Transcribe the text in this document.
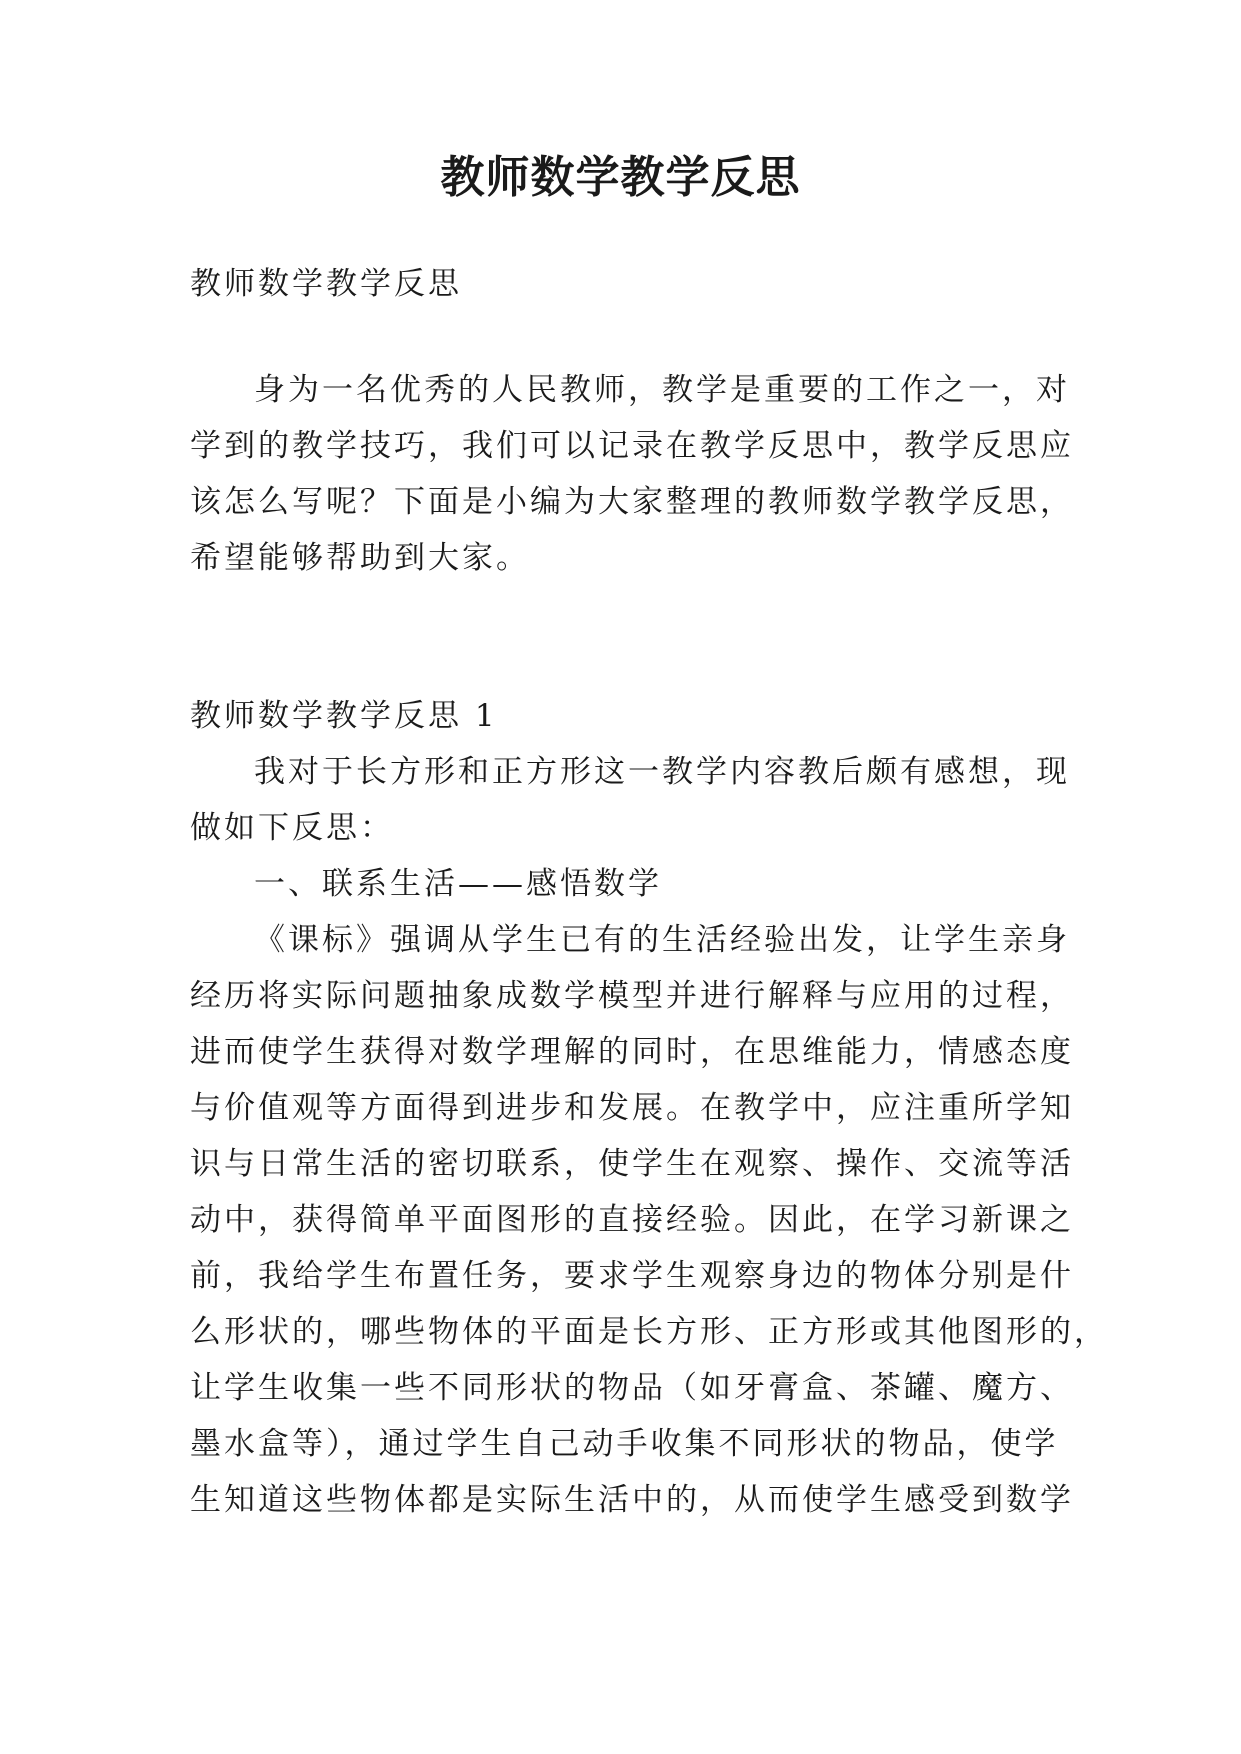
教师数学教学反思

教师数学教学反思

身为一名优秀的人民教师，教学是重要的工作之一，对

学到的教学技巧，我们可以记录在教学反思中，教学反思应

该怎么写呢？下面是小编为大家整理的教师数学教学反思，

希望能够帮助到大家。

教师数学教学反思 1

我对于长方形和正方形这一教学内容教后颇有感想，现

做如下反思：

一、联系生活——感悟数学

《课标》强调从学生已有的生活经验出发，让学生亲身

经历将实际问题抽象成数学模型并进行解释与应用的过程，

进而使学生获得对数学理解的同时，在思维能力，情感态度

与价值观等方面得到进步和发展。在教学中，应注重所学知

识与日常生活的密切联系，使学生在观察、操作、交流等活

动中，获得简单平面图形的直接经验。因此，在学习新课之

前，我给学生布置任务，要求学生观察身边的物体分别是什

么形状的，哪些物体的平面是长方形、正方形或其他图形的，

让学生收集一些不同形状的物品（如牙膏盒、茶罐、魔方、

墨水盒等），通过学生自己动手收集不同形状的物品，使学

生知道这些物体都是实际生活中的，从而使学生感受到数学
